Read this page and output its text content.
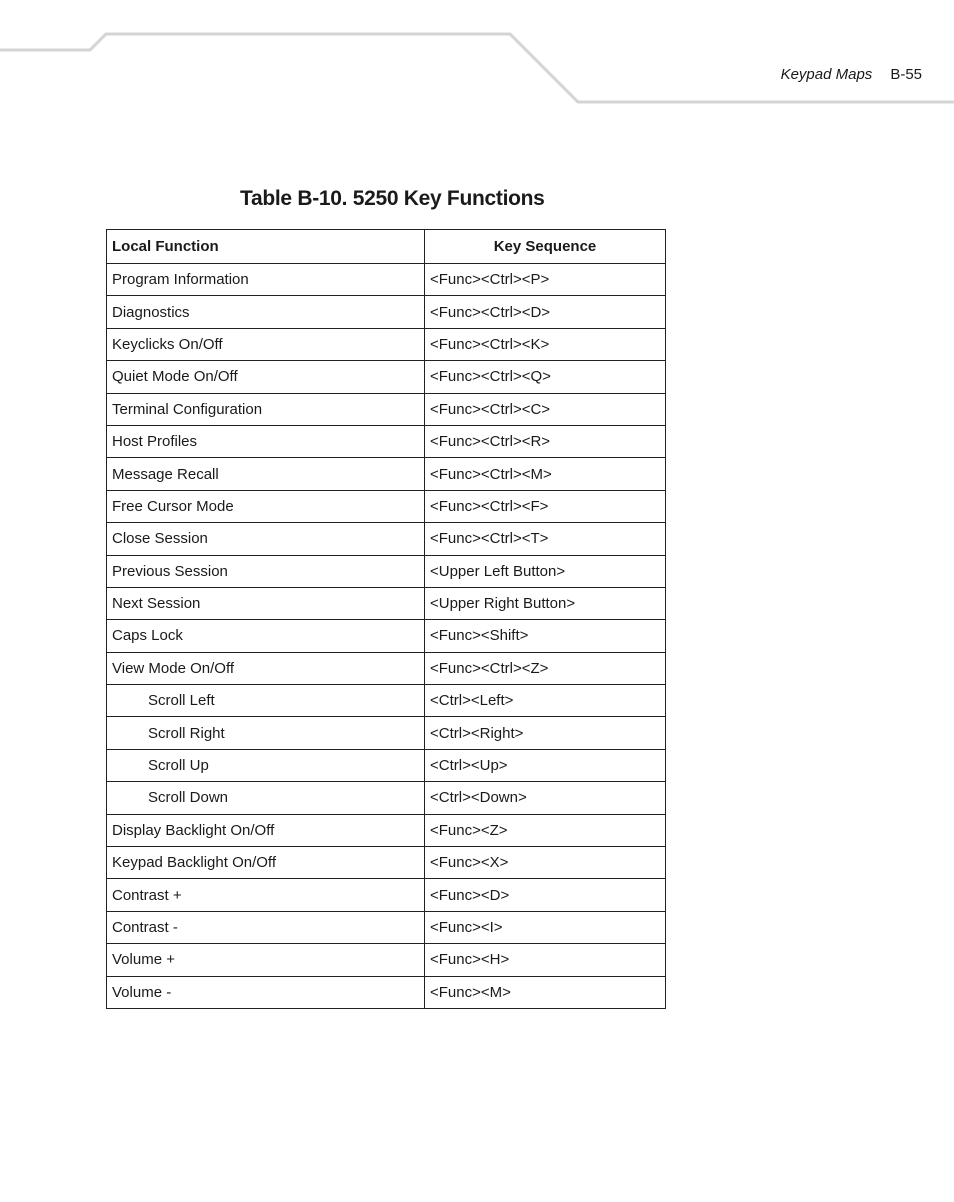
Keypad Maps B-55
Table B-10. 5250 Key Functions
Local Function	Key Sequence
Program Information	<Func><Ctrl><P>
Diagnostics	<Func><Ctrl><D>
Keyclicks On/Off	<Func><Ctrl><K>
Quiet Mode On/Off	<Func><Ctrl><Q>
Terminal Configuration	<Func><Ctrl><C>
Host Profiles	<Func><Ctrl><R>
Message Recall	<Func><Ctrl><M>
Free Cursor Mode	<Func><Ctrl><F>
Close Session	<Func><Ctrl><T>
Previous Session	<Upper Left Button>
Next Session	<Upper Right Button>
Caps Lock	<Func><Shift>
View Mode On/Off	<Func><Ctrl><Z>
Scroll Left	<Ctrl><Left>
Scroll Right	<Ctrl><Right>
Scroll Up	<Ctrl><Up>
Scroll Down	<Ctrl><Down>
Display Backlight On/Off	<Func><Z>
Keypad Backlight On/Off	<Func><X>
Contrast +	<Func><D>
Contrast -	<Func><I>
Volume +	<Func><H>
Volume -	<Func><M>
